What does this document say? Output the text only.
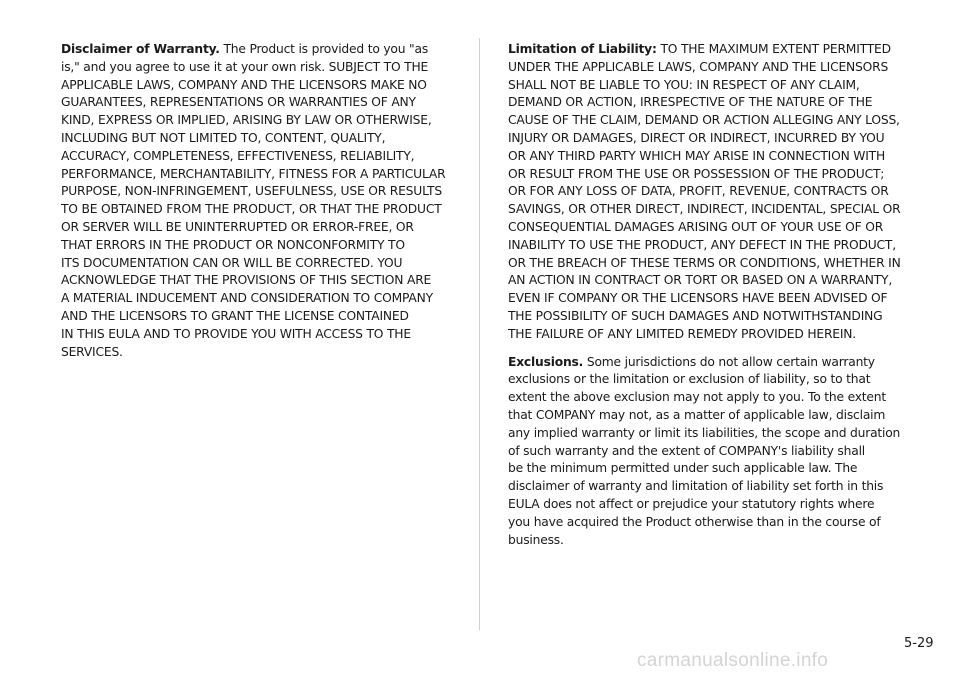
Disclaimer of Warranty. The Product is provided to you "as
is," and you agree to use it at your own risk. SUBJECT TO THE
APPLICABLE LAWS, COMPANY AND THE LICENSORS MAKE NO
GUARANTEES, REPRESENTATIONS OR WARRANTIES OF ANY
KIND, EXPRESS OR IMPLIED, ARISING BY LAW OR OTHERWISE,
INCLUDING BUT NOT LIMITED TO, CONTENT, QUALITY,
ACCURACY, COMPLETENESS, EFFECTIVENESS, RELIABILITY,
PERFORMANCE, MERCHANTABILITY, FITNESS FOR A PARTICULAR
PURPOSE, NON-INFRINGEMENT, USEFULNESS, USE OR RESULTS
TO BE OBTAINED FROM THE PRODUCT, OR THAT THE PRODUCT
OR SERVER WILL BE UNINTERRUPTED OR ERROR-FREE, OR
THAT ERRORS IN THE PRODUCT OR NONCONFORMITY TO
ITS DOCUMENTATION CAN OR WILL BE CORRECTED. YOU
ACKNOWLEDGE THAT THE PROVISIONS OF THIS SECTION ARE
A MATERIAL INDUCEMENT AND CONSIDERATION TO COMPANY
AND THE LICENSORS TO GRANT THE LICENSE CONTAINED
IN THIS EULA AND TO PROVIDE YOU WITH ACCESS TO THE
SERVICES.
Limitation of Liability: TO THE MAXIMUM EXTENT PERMITTED
UNDER THE APPLICABLE LAWS, COMPANY AND THE LICENSORS
SHALL NOT BE LIABLE TO YOU: IN RESPECT OF ANY CLAIM,
DEMAND OR ACTION, IRRESPECTIVE OF THE NATURE OF THE
CAUSE OF THE CLAIM, DEMAND OR ACTION ALLEGING ANY LOSS,
INJURY OR DAMAGES, DIRECT OR INDIRECT, INCURRED BY YOU
OR ANY THIRD PARTY WHICH MAY ARISE IN CONNECTION WITH
OR RESULT FROM THE USE OR POSSESSION OF THE PRODUCT;
OR FOR ANY LOSS OF DATA, PROFIT, REVENUE, CONTRACTS OR
SAVINGS, OR OTHER DIRECT, INDIRECT, INCIDENTAL, SPECIAL OR
CONSEQUENTIAL DAMAGES ARISING OUT OF YOUR USE OF OR
INABILITY TO USE THE PRODUCT, ANY DEFECT IN THE PRODUCT,
OR THE BREACH OF THESE TERMS OR CONDITIONS, WHETHER IN
AN ACTION IN CONTRACT OR TORT OR BASED ON A WARRANTY,
EVEN IF COMPANY OR THE LICENSORS HAVE BEEN ADVISED OF
THE POSSIBILITY OF SUCH DAMAGES AND NOTWITHSTANDING
THE FAILURE OF ANY LIMITED REMEDY PROVIDED HEREIN.
Exclusions. Some jurisdictions do not allow certain warranty
exclusions or the limitation or exclusion of liability, so to that
extent the above exclusion may not apply to you. To the extent
that COMPANY may not, as a matter of applicable law, disclaim
any implied warranty or limit its liabilities, the scope and duration
of such warranty and the extent of COMPANY's liability shall
be the minimum permitted under such applicable law. The
disclaimer of warranty and limitation of liability set forth in this
EULA does not affect or prejudice your statutory rights where
you have acquired the Product otherwise than in the course of
business.
5-29
carmanualsonline.info
